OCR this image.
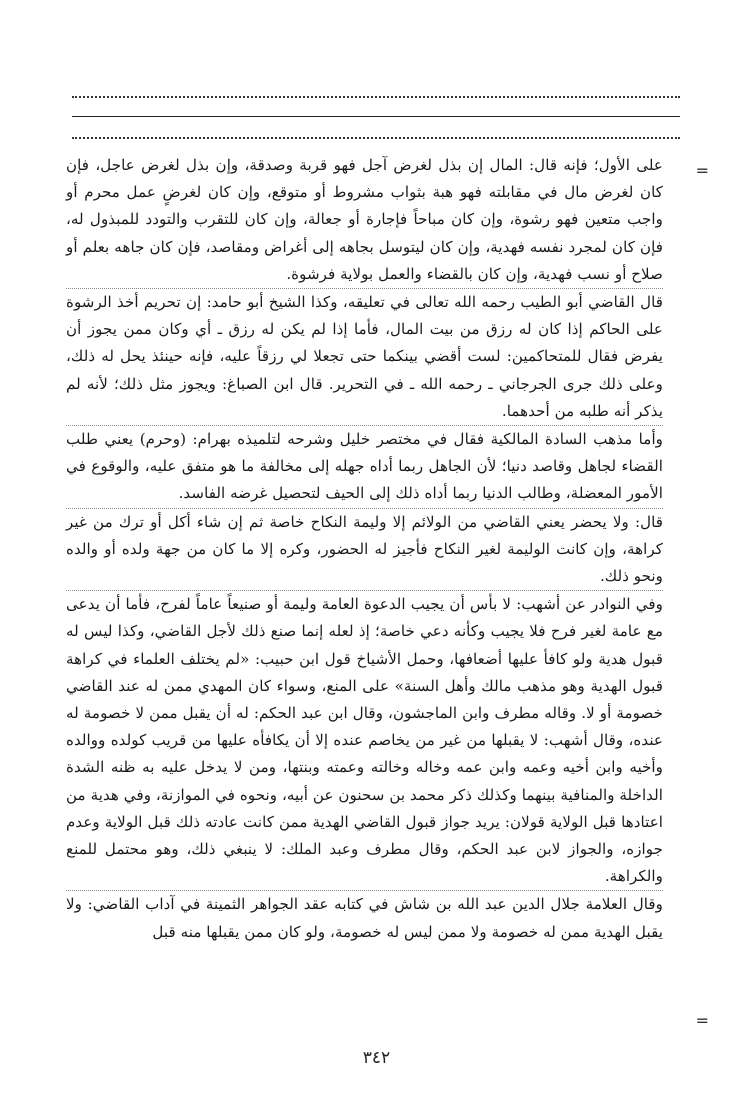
=

على الأول؛ فإنه قال: المال إن بذل لغرض آجل فهو قربة وصدقة، وإن بذل لغرض عاجل، فإن كان لغرض مال في مقابلته فهو هبة بثواب مشروط أو متوقع، وإن كان لغرضٍ عمل محرم أو واجب متعين فهو رشوة، وإن كان مباحاً فإجارة أو جعالة، وإن كان للتقرب والتودد للمبذول له، فإن كان لمجرد نفسه فهدية، وإن كان ليتوسل بجاهه إلى أغراض ومقاصد، فإن كان جاهه بعلم أو صلاح أو نسب فهدية، وإن كان بالقضاء والعمل بولاية فرشوة.

قال القاضي أبو الطيب رحمه الله تعالى في تعليقه، وكذا الشيخ أبو حامد: إن تحريم أخذ الرشوة على الحاكم إذا كان له رزق من بيت المال، فأما إذا لم يكن له رزق ـ أي وكان ممن يجوز أن يفرض فقال للمتحاكمين: لست أقضي بينكما حتى تجعلا لي رزقاً عليه، فإنه حينئذ يحل له ذلك، وعلى ذلك جرى الجرجاني ـ رحمه الله ـ في التحرير. قال ابن الصباغ: ويجوز مثل ذلك؛ لأنه لم يذكر أنه طلبه من أحدهما.

وأما مذهب السادة المالكية فقال في مختصر خليل وشرحه لتلميذه بهرام: (وحرم) يعني طلب القضاء لجاهل وقاصد دنيا؛ لأن الجاهل ربما أداه جهله إلى مخالفة ما هو متفق عليه، والوقوع في الأمور المعضلة، وطالب الدنيا ربما أداه ذلك إلى الحيف لتحصيل غرضه الفاسد.

قال: ولا يحضر يعني القاضي من الولائم إلا وليمة النكاح خاصة ثم إن شاء أكل أو ترك من غير كراهة، وإن كانت الوليمة لغير النكاح فأجيز له الحضور، وكره إلا ما كان من جهة ولده أو والده ونحو ذلك.

وفي النوادر عن أشهب: لا بأس أن يجيب الدعوة العامة وليمة أو صنيعاً عاماً لفرح، فأما أن يدعى مع عامة لغير فرح فلا يجيب وكأنه دعي خاصة؛ إذ لعله إنما صنع ذلك لأجل القاضي، وكذا ليس له قبول هدية ولو كافأ عليها أضعافها، وحمل الأشياخ قول ابن حبيب: «لم يختلف العلماء في كراهة قبول الهدية وهو مذهب مالك وأهل السنة» على المنع، وسواء كان المهدي ممن له عند القاضي خصومة أو لا. وقاله مطرف وابن الماجشون، وقال ابن عبد الحكم: له أن يقبل ممن لا خصومة له عنده، وقال أشهب: لا يقبلها من غير من يخاصم عنده إلا أن يكافأه عليها من قريب كولده ووالده وأخيه وابن أخيه وعمه وابن عمه وخاله وخالته وعمته وبنتها، ومن لا يدخل عليه به ظنه الشدة الداخلة والمنافية بينهما وكذلك ذكر محمد بن سحنون عن أبيه، ونحوه في الموازنة، وفي هدية من اعتادها قبل الولاية قولان: يريد جواز قبول القاضي الهدية ممن كانت عادته ذلك قبل الولاية وعدم جوازه، والجواز لابن عبد الحكم، وقال مطرف وعبد الملك: لا ينبغي ذلك، وهو محتمل للمنع والكراهة.

وقال العلامة جلال الدين عبد الله بن شاش في كتابه عقد الجواهر الثمينة في آداب القاضي: ولا يقبل الهدية ممن له خصومة ولا ممن ليس له خصومة، ولو كان ممن يقبلها منه قبل

=
٣٤٢
